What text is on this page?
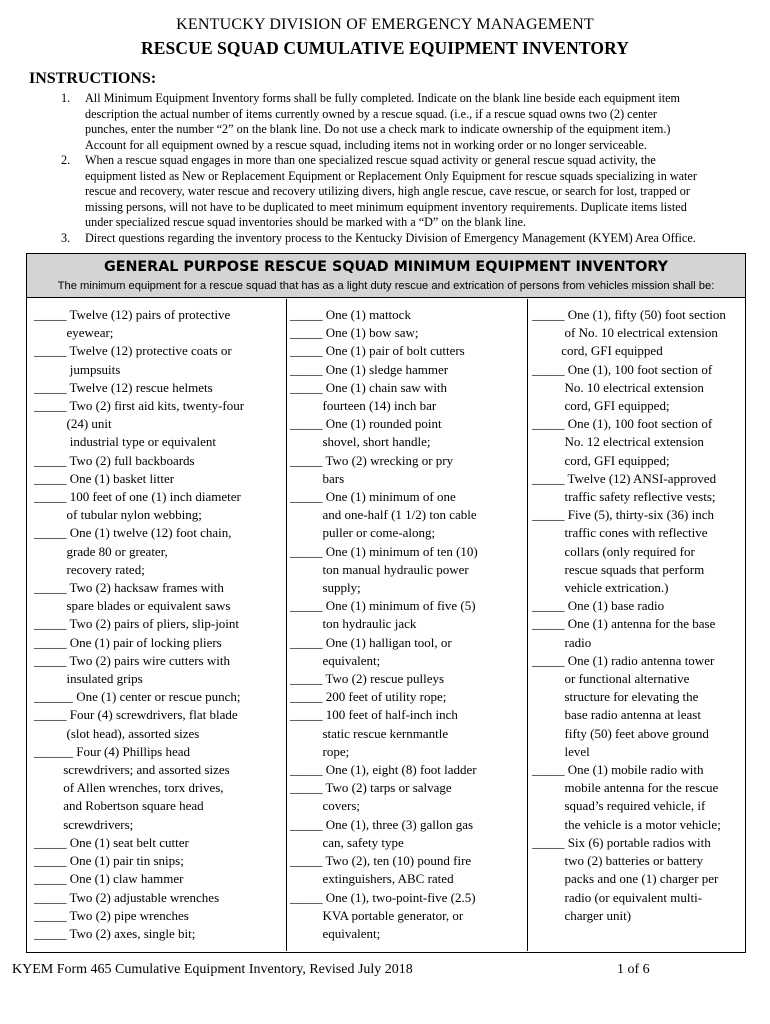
KENTUCKY DIVISION OF EMERGENCY MANAGEMENT
RESCUE SQUAD CUMULATIVE EQUIPMENT INVENTORY
INSTRUCTIONS:
1. All Minimum Equipment Inventory forms shall be fully completed. Indicate on the blank line beside each equipment item
description the actual number of items currently owned by a rescue squad. (i.e., if a rescue squad owns two (2) center
punches, enter the number “2” on the blank line. Do not use a check mark to indicate ownership of the equipment item.)
Account for all equipment owned by a rescue squad, including items not in working order or no longer serviceable.
2. When a rescue squad engages in more than one specialized rescue squad activity or general rescue squad activity, the
equipment listed as New or Replacement Equipment or Replacement Only Equipment for rescue squads specializing in water
rescue and recovery, water rescue and recovery utilizing divers, high angle rescue, cave rescue, or search for lost, trapped or
missing persons, will not have to be duplicated to meet minimum equipment inventory requirements. Duplicate items listed
under specialized rescue squad inventories should be marked with a “D” on the blank line.
3. Direct questions regarding the inventory process to the Kentucky Division of Emergency Management (KYEM) Area Office.
GENERAL PURPOSE RESCUE SQUAD MINIMUM EQUIPMENT INVENTORY
The minimum equipment for a rescue squad that has as a light duty rescue and extrication of persons from vehicles mission shall be:
_____ Twelve (12) pairs of protective
eyewear;
_____ Twelve (12) protective coats or
jumpsuits
_____ Twelve (12) rescue helmets
_____ Two (2) first aid kits, twenty-four
(24) unit
industrial type or equivalent
_____ Two (2) full backboards
_____ One (1) basket litter
_____ 100 feet of one (1) inch diameter
of tubular nylon webbing;
_____ One (1) twelve (12) foot chain,
grade 80 or greater,
recovery rated;
_____ Two (2) hacksaw frames with
spare blades or equivalent saws
_____ Two (2) pairs of pliers, slip-joint
_____ One (1) pair of locking pliers
_____ Two (2) pairs wire cutters with
insulated grips
______ One (1) center or rescue punch;
_____ Four (4) screwdrivers, flat blade
(slot head), assorted sizes
______ Four (4) Phillips head
screwdrivers; and assorted sizes
of Allen wrenches, torx drives,
and Robertson square head
screwdrivers;
_____ One (1) seat belt cutter
_____ One (1) pair tin snips;
_____ One (1) claw hammer
_____ Two (2) adjustable wrenches
_____ Two (2) pipe wrenches
_____ Two (2) axes, single bit;
_____ One (1) mattock
_____ One (1) bow saw;
_____ One (1) pair of bolt cutters
_____ One (1) sledge hammer
_____ One (1) chain saw with
fourteen (14) inch bar
_____ One (1) rounded point
shovel, short handle;
_____ Two (2) wrecking or pry
bars
_____ One (1) minimum of one
and one-half (1 1/2) ton cable
puller or come-along;
_____ One (1) minimum of ten (10)
ton manual hydraulic power
supply;
_____ One (1) minimum of five (5)
ton hydraulic jack
_____ One (1) halligan tool, or
equivalent;
_____ Two (2) rescue pulleys
_____ 200 feet of utility rope;
_____ 100 feet of half-inch inch
static rescue kernmantle
rope;
_____ One (1), eight (8) foot ladder
_____ Two (2) tarps or salvage
covers;
_____ One (1), three (3) gallon gas
can, safety type
_____ Two (2), ten (10) pound fire
extinguishers, ABC rated
_____ One (1), two-point-five (2.5)
KVA portable generator, or
equivalent;
_____ One (1), fifty (50) foot section
of No. 10 electrical extension
cord, GFI equipped
_____ One (1), 100 foot section of
No. 10 electrical extension
cord, GFI equipped;
_____ One (1), 100 foot section of
No. 12 electrical extension
cord, GFI equipped;
_____ Twelve (12) ANSI-approved
traffic safety reflective vests;
_____ Five (5), thirty-six (36) inch
traffic cones with reflective
collars (only required for
rescue squads that perform
vehicle extrication.)
_____ One (1) base radio
_____ One (1) antenna for the base
radio
_____ One (1) radio antenna tower
or functional alternative
structure for elevating the
base radio antenna at least
fifty (50) feet above ground
level
_____ One (1) mobile radio with
mobile antenna for the rescue
squad’s required vehicle, if
the vehicle is a motor vehicle;
_____ Six (6) portable radios with
two (2) batteries or battery
packs and one (1) charger per
radio (or equivalent multi-
charger unit)
KYEM Form 465 Cumulative Equipment Inventory, Revised July 2018	1 of 6
